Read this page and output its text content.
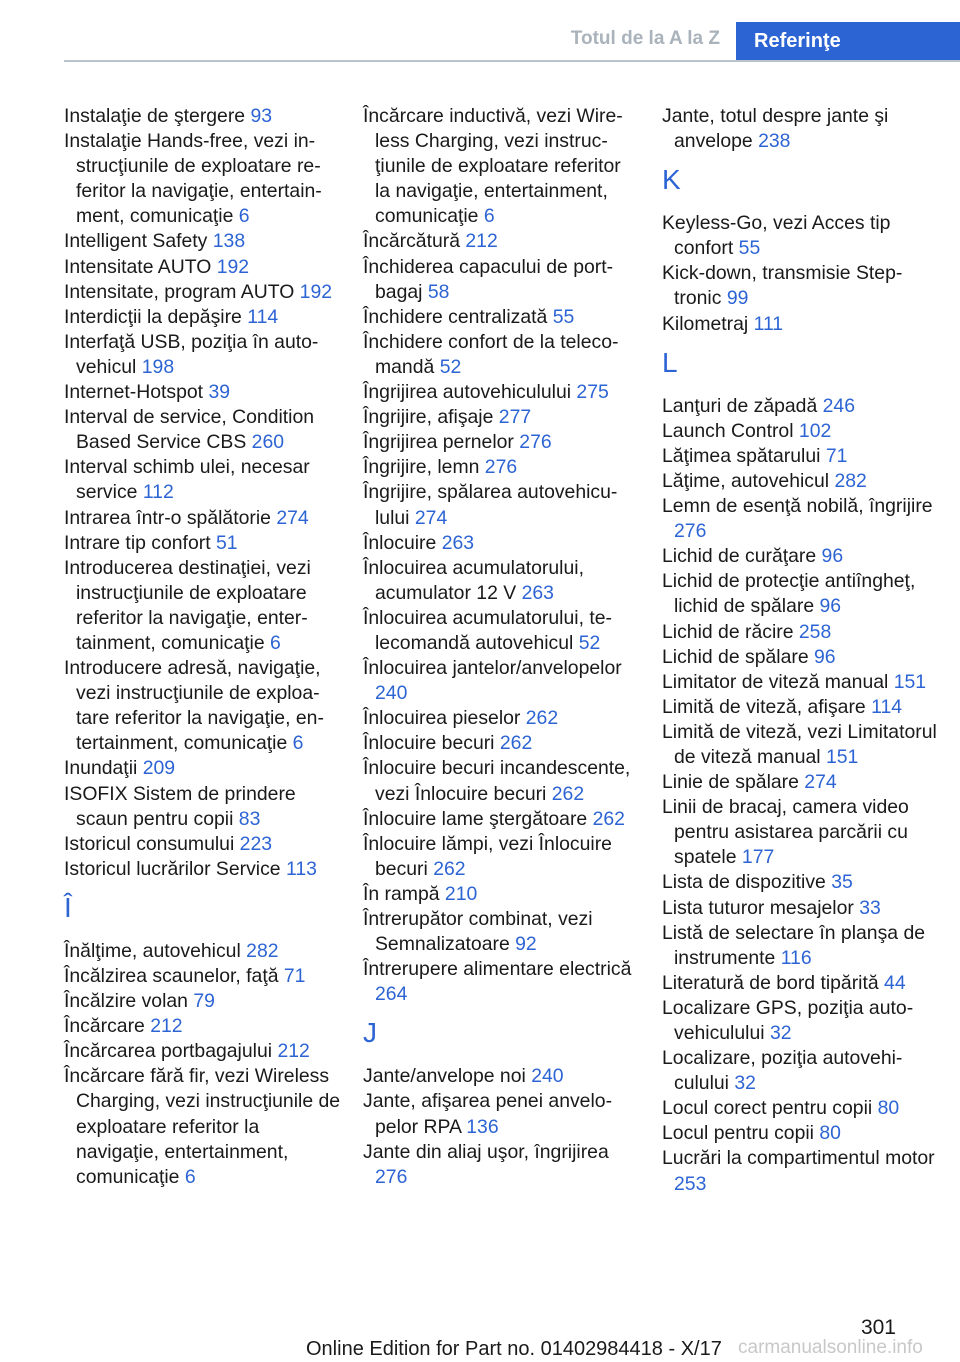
Totul de la A la Z	Referinţe
Instalaţie de ştergere 93
Instalaţie Hands-free, vezi instrucţiunile de exploatare referitor la navigaţie, entertainment, comunicaţie 6
Intelligent Safety 138
Intensitate AUTO 192
Intensitate, program AUTO 192
Interdicţii la depăşire 114
Interfaţă USB, poziţia în autovehicul 198
Internet-Hotspot 39
Interval de service, Condition Based Service CBS 260
Interval schimb ulei, necesar service 112
Intrarea într-o spălătorie 274
Intrare tip confort 51
Introducerea destinaţiei, vezi instrucţiunile de exploatare referitor la navigaţie, entertainment, comunicaţie 6
Introducere adresă, navigaţie, vezi instrucţiunile de exploatare referitor la navigaţie, entertainment, comunicaţie 6
Inundaţii 209
ISOFIX Sistem de prindere scaun pentru copii 83
Istoricul consumului 223
Istoricul lucrărilor Service 113
Î
Înălţime, autovehicul 282
Încălzirea scaunelor, faţă 71
Încălzire volan 79
Încărcare 212
Încărcarea portbagajului 212
Încărcare fără fir, vezi Wireless Charging, vezi instrucţiunile de exploatare referitor la navigaţie, entertainment, comunicaţie 6
Încărcare inductivă, vezi Wireless Charging, vezi instrucţiunile de exploatare referitor la navigaţie, entertainment, comunicaţie 6
Încărcătură 212
Închiderea capacului de portbagaj 58
Închidere centralizată 55
Închidere confort de la telecomandă 52
Îngrijirea autovehiculului 275
Îngrijire, afişaje 277
Îngrijirea pernelor 276
Îngrijire, lemn 276
Îngrijire, spălarea autovehiculului 274
Înlocuire 263
Înlocuirea acumulatorului, acumulator 12 V 263
Înlocuirea acumulatorului, telecomandă autovehicul 52
Înlocuirea jantelor/anvelopelor 240
Înlocuirea pieselor 262
Înlocuire becuri 262
Înlocuire becuri incandescente, vezi Înlocuire becuri 262
Înlocuire lame ştergătoare 262
Înlocuire lămpi, vezi Înlocuire becuri 262
În rampă 210
Întrerupător combinat, vezi Semnalizatoare 92
Întrerupere alimentare electrică 264
J
Jante/anvelope noi 240
Jante, afişarea penei anvelopelor RPA 136
Jante din aliaj uşor, îngrijirea 276
Jante, totul despre jante şi anvelope 238
K
Keyless-Go, vezi Acces tip confort 55
Kick-down, transmisie Steptronic 99
Kilometraj 111
L
Lanţuri de zăpadă 246
Launch Control 102
Lăţimea spătarului 71
Lăţime, autovehicul 282
Lemn de esenţă nobilă, îngrijire 276
Lichid de curăţare 96
Lichid de protecţie antiîngheţ, lichid de spălare 96
Lichid de răcire 258
Lichid de spălare 96
Limitator de viteză manual 151
Limită de viteză, afişare 114
Limită de viteză, vezi Limitatorul de viteză manual 151
Linie de spălare 274
Linii de bracaj, camera video pentru asistarea parcării cu spatele 177
Lista de dispozitive 35
Lista tuturor mesajelor 33
Listă de selectare în planşa de instrumente 116
Literatură de bord tipărită 44
Localizare GPS, poziţia autovehiculului 32
Localizare, poziţia autovehiculului 32
Locul corect pentru copii 80
Locul pentru copii 80
Lucrări la compartimentul motor 253
301
Online Edition for Part no. 01402984418 - X/17 carmanualsonline.info
